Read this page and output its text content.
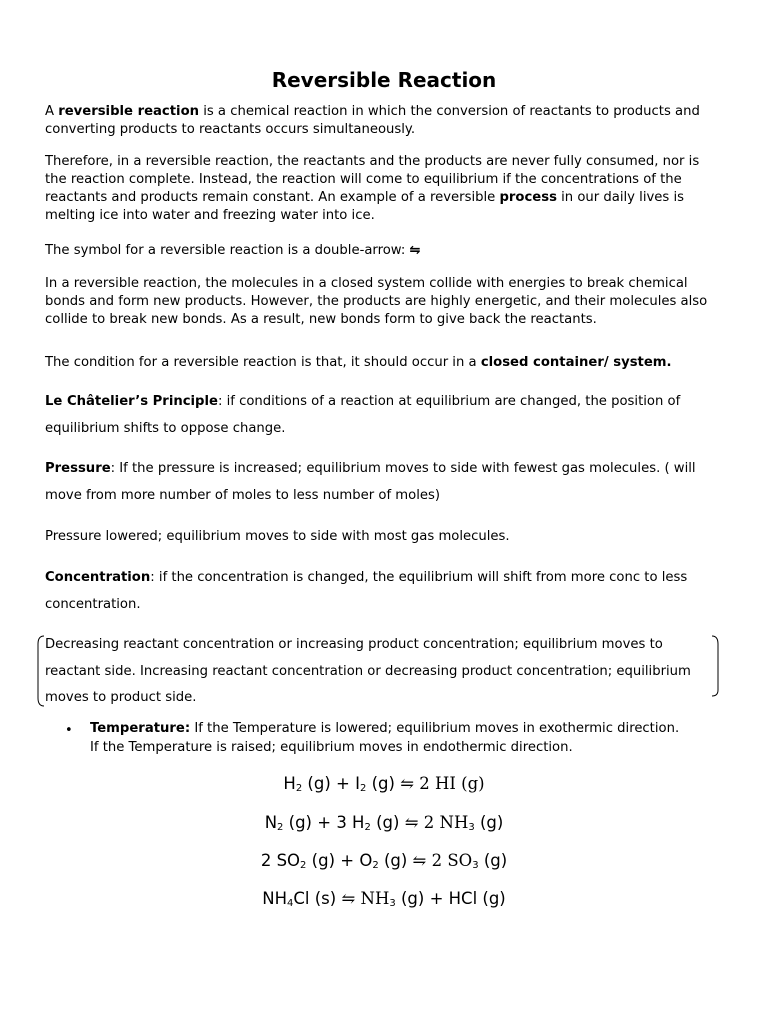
Reversible Reaction

A reversible reaction is a chemical reaction in which the conversion of reactants to products and converting products to reactants occurs simultaneously.

Therefore, in a reversible reaction, the reactants and the products are never fully consumed, nor is the reaction complete. Instead, the reaction will come to equilibrium if the concentrations of the reactants and products remain constant. An example of a reversible process in our daily lives is melting ice into water and freezing water into ice.

The symbol for a reversible reaction is a double-arrow: ⇋

In a reversible reaction, the molecules in a closed system collide with energies to break chemical bonds and form new products. However, the products are highly energetic, and their molecules also collide to break new bonds. As a result, new bonds form to give back the reactants.

The condition for a reversible reaction is that, it should occur in a closed container/ system.

Le Châtelier’s Principle: if conditions of a reaction at equilibrium are changed, the position of equilibrium shifts to oppose change.

Pressure: If the pressure is increased; equilibrium moves to side with fewest gas molecules. ( will move from more number of moles to less number of moles)

Pressure lowered; equilibrium moves to side with most gas molecules.

Concentration: if the concentration is changed, the equilibrium will shift from more conc to less concentration.

Decreasing reactant concentration or increasing product concentration; equilibrium moves to reactant side. Increasing reactant concentration or decreasing product concentration; equilibrium moves to product side.

• Temperature: If the Temperature is lowered; equilibrium moves in exothermic direction.
If the Temperature is raised; equilibrium moves in endothermic direction.
$H_2$ $(g) + I_2$ (g) ⇋ 2 HI (g)
$N_2$ (g) + 3 $H_2$ (g) ⇋ 2 $NH_3$ (g)
2 $SO_2$ $(g) + O_2$ (g) ⇋ 2 $SO_3$ (g)
$NH_4Cl$ (s) ⇋ $NH_3$ (g) + HCl (g)
